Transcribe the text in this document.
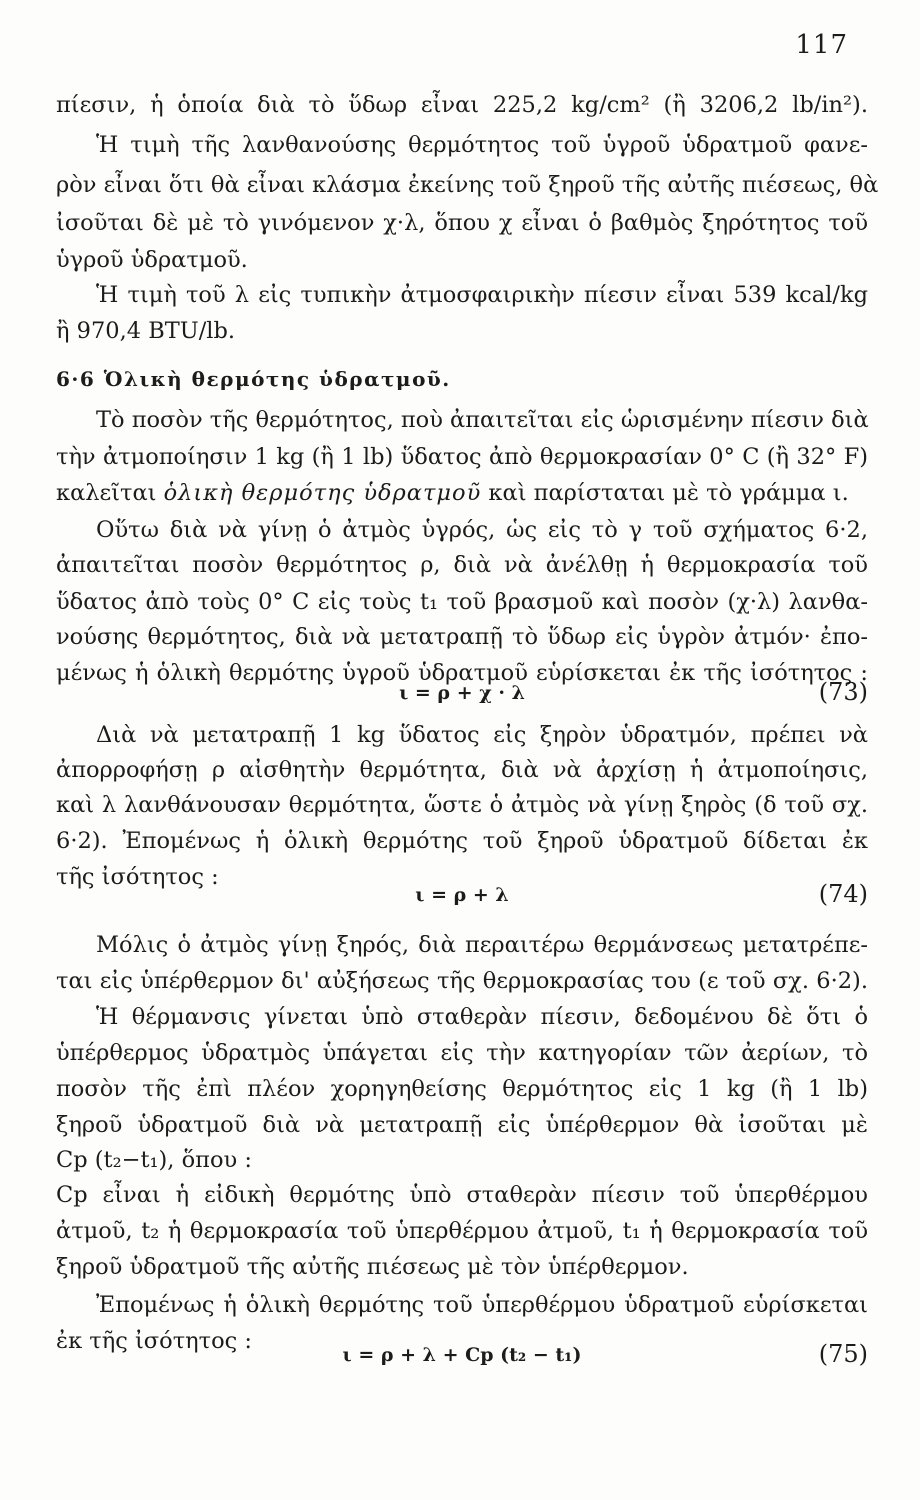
117
πίεσιν, ἡ ὁποία διὰ τὸ ὕδωρ εἶναι 225,2 kg/cm² (ἢ 3206,2 lb/in²).
Ἡ τιμὴ τῆς λανθανούσης θερμότητος τοῦ ὑγροῦ ὑδρατμοῦ φανε-
ρὸν εἶναι ὅτι θὰ εἶναι κλάσμα ἐκείνης τοῦ ξηροῦ τῆς αὐτῆς πιέσεως, θὰ
ἰσοῦται δὲ μὲ τὸ γινόμενον χ·λ, ὅπου χ εἶναι ὁ βαθμὸς ξηρότητος τοῦ
ὑγροῦ ὑδρατμοῦ.
Ἡ τιμὴ τοῦ λ εἰς τυπικὴν ἀτμοσφαιρικὴν πίεσιν εἶναι 539 kcal/kg
ἢ 970,4 BTU/lb.
6·6 Ὁλικὴ θερμότης ὑδρατμοῦ.
Τὸ ποσὸν τῆς θερμότητος, ποὺ ἀπαιτεῖται εἰς ὡρισμένην πίεσιν διὰ
τὴν ἀτμοποίησιν 1 kg (ἢ 1 lb) ὕδατος ἀπὸ θερμοκρασίαν 0° C (ἢ 32° F)
καλεῖται ὁλικὴ θερμότης ὑδρατμοῦ καὶ παρίσταται μὲ τὸ γράμμα ι.
Οὕτω διὰ νὰ γίνῃ ὁ ἀτμὸς ὑγρός, ὡς εἰς τὸ γ τοῦ σχήματος 6·2,
ἀπαιτεῖται ποσὸν θερμότητος ρ, διὰ νὰ ἀνέλθῃ ἡ θερμοκρασία τοῦ
ὕδατος ἀπὸ τοὺς 0° C εἰς τοὺς t₁ τοῦ βρασμοῦ καὶ ποσὸν (χ·λ) λανθα-
νούσης θερμότητος, διὰ νὰ μετατραπῇ τὸ ὕδωρ εἰς ὑγρὸν ἀτμόν· ἐπο-
μένως ἡ ὁλικὴ θερμότης ὑγροῦ ὑδρατμοῦ εὑρίσκεται ἐκ τῆς ἰσότητος :
ι = ρ + χ · λ	(73)
Διὰ νὰ μετατραπῇ 1 kg ὕδατος εἰς ξηρὸν ὑδρατμόν, πρέπει νὰ
ἀπορροφήσῃ ρ αἰσθητὴν θερμότητα, διὰ νὰ ἀρχίσῃ ἡ ἀτμοποίησις,
καὶ λ λανθάνουσαν θερμότητα, ὥστε ὁ ἀτμὸς νὰ γίνῃ ξηρὸς (δ τοῦ σχ.
6·2). Ἐπομένως ἡ ὁλικὴ θερμότης τοῦ ξηροῦ ὑδρατμοῦ δίδεται ἐκ
τῆς ἰσότητος :
ι = ρ + λ	(74)
Μόλις ὁ ἀτμὸς γίνῃ ξηρός, διὰ περαιτέρω θερμάνσεως μετατρέπε-
ται εἰς ὑπέρθερμον δι' αὐξήσεως τῆς θερμοκρασίας του (ε τοῦ σχ. 6·2).
Ἡ θέρμανσις γίνεται ὑπὸ σταθερὰν πίεσιν, δεδομένου δὲ ὅτι ὁ
ὑπέρθερμος ὑδρατμὸς ὑπάγεται εἰς τὴν κατηγορίαν τῶν ἀερίων, τὸ
ποσὸν τῆς ἐπὶ πλέον χορηγηθείσης θερμότητος εἰς 1 kg (ἢ 1 lb)
ξηροῦ ὑδρατμοῦ διὰ νὰ μετατραπῇ εἰς ὑπέρθερμον θὰ ἰσοῦται μὲ
Cp (t₂−t₁), ὅπου :
Cp εἶναι ἡ εἰδικὴ θερμότης ὑπὸ σταθερὰν πίεσιν τοῦ ὑπερθέρμου
ἀτμοῦ, t₂ ἡ θερμοκρασία τοῦ ὑπερθέρμου ἀτμοῦ, t₁ ἡ θερμοκρασία τοῦ
ξηροῦ ὑδρατμοῦ τῆς αὐτῆς πιέσεως μὲ τὸν ὑπέρθερμον.
Ἐπομένως ἡ ὁλικὴ θερμότης τοῦ ὑπερθέρμου ὑδρατμοῦ εὑρίσκεται
ἐκ τῆς ἰσότητος :
ι = ρ + λ + Cp (t₂ − t₁)	(75)
